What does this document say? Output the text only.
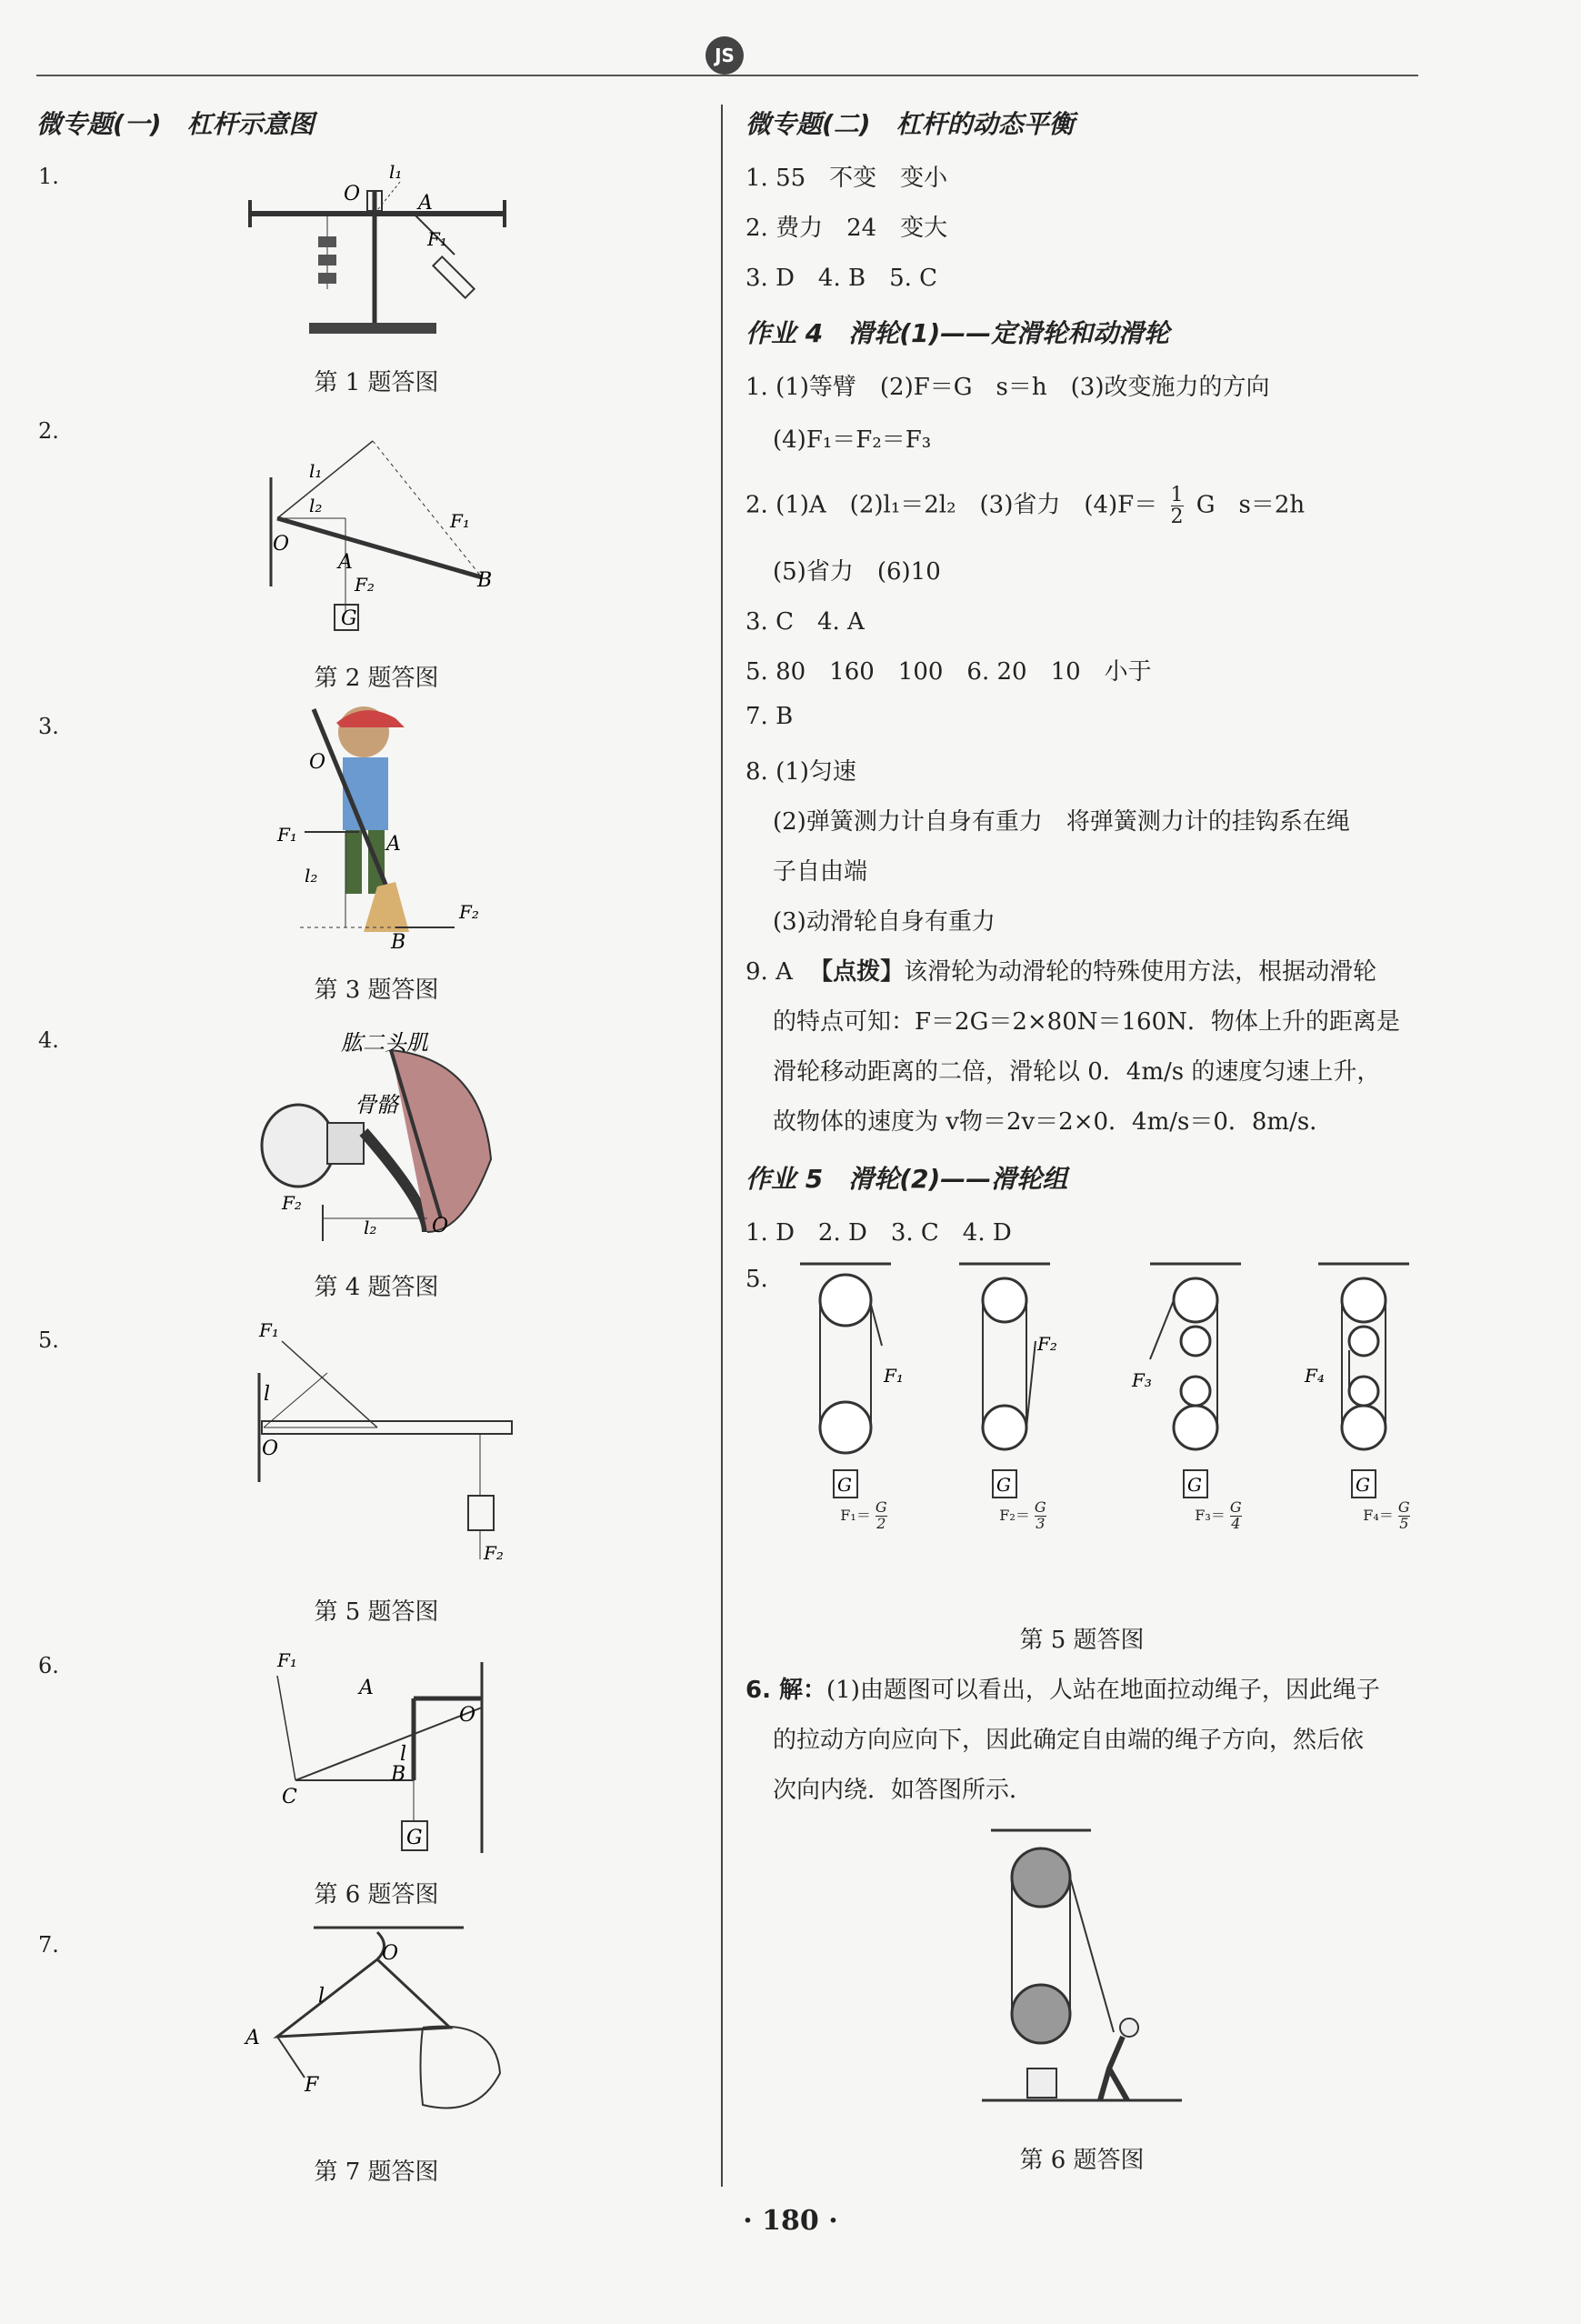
JS
微专题(一)　杠杆示意图
1.
O
l₁
A
F₁
第 1 题答图
2.
O
l₁
l₂
F₁
A
F₂	B
G
第 2 题答图
3.
O
F₁	A
l₂
F₂
B
第 3 题答图
4.	肱二头肌
骨骼
F₂
l₂	O
第 4 题答图
5.	F₁
l
O
F₂
第 5 题答图
6.	F₁
A
O
l
B
C
G
第 6 题答图
7.	O
l
A
F
第 7 题答图
微专题(二)　杠杆的动态平衡
1. 55　不变　变小
2. 费力　24　变大
3. D　4. B　5. C
作业 4　滑轮(1)——定滑轮和动滑轮
1. (1)等臂　(2)F＝G　s＝h　(3)改变施力的方向
(4)F₁＝F₂＝F₃
2. (1)A　(2)l₁＝2l₂　(3)省力　$(4)F= \frac{1}{2}$ G　s＝2h
(5)省力　(6)10
3. C　4. A
5. 80　160　100　6. 20　10　小于
7. B
8. (1)匀速
(2)弹簧测力计自身有重力　将弹簧测力计的挂钩系在绳
子自由端
(3)动滑轮自身有重力
9. A 【点拨】该滑轮为动滑轮的特殊使用方法，根据动滑轮
的特点可知：F＝2G＝2×80N＝160N．物体上升的距离是
滑轮移动距离的二倍，滑轮以 0．4m/s 的速度匀速上升，
故物体的速度为 v物＝2v＝2×0．4m/s＝0．8m/s．
作业 5　滑轮(2)——滑轮组
1. D　2. D　3. C　4. D
5.
F₁
F₂
F₃	F₄
$F_1= \frac{G}{2}$	$F_2= \frac{G}{3}$	$F_3= \frac{G}{4}$	$F_4= \frac{G}{5}$
G	G	G	G
第 5 题答图
6. 解：(1)由题图可以看出，人站在地面拉动绳子，因此绳子
的拉动方向应向下，因此确定自由端的绳子方向，然后依
次向内绕．如答图所示．
第 6 题答图
· 180 ·
